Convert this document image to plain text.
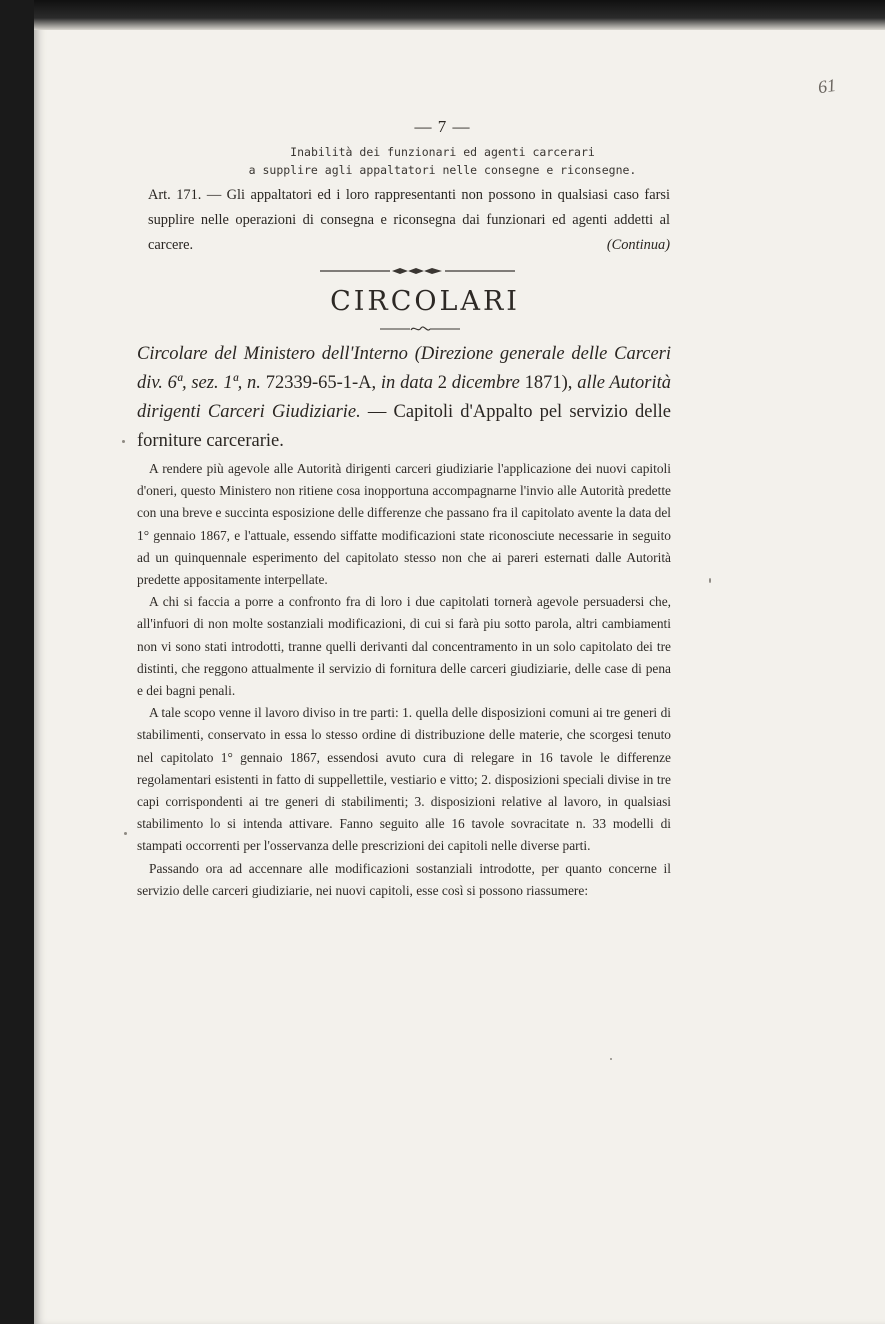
61
— 7 —
Inabilità dei funzionari ed agenti carcerari
a supplire agli appaltatori nelle consegne e riconsegne.

Art. 171. — Gli appaltatori ed i loro rappresentanti non possono in qualsiasi caso farsi supplire nelle operazioni di consegna e riconsegna dai funzionari ed agenti addetti al carcere.	(Continua)

CIRCOLARI
Circolare del Ministero dell'Interno (Direzione generale delle Carceri div. 6ª, sez. 1ª, n. 72339-65-1-A, in data 2 dicembre 1871), alle Autorità dirigenti Carceri Giudiziarie. — Capitoli d'Appalto pel servizio delle forniture carcerarie.

A rendere più agevole alle Autorità dirigenti carceri giudiziarie l'applicazione dei nuovi capitoli d'oneri, questo Ministero non ritiene cosa inopportuna accompagnarne l'invio alle Autorità predette con una breve e succinta esposizione delle differenze che passano fra il capitolato avente la data del 1° gennaio 1867, e l'attuale, essendo siffatte modificazioni state riconosciute necessarie in seguito ad un quinquennale esperimento del capitolato stesso non che ai pareri esternati dalle Autorità predette appositamente interpellate.

A chi si faccia a porre a confronto fra di loro i due capitolati tornerà agevole persuadersi che, all'infuori di non molte sostanziali modificazioni, di cui si farà piu sotto parola, altri cambiamenti non vi sono stati introdotti, tranne quelli derivanti dal concentramento in un solo capitolato dei tre distinti, che reggono attualmente il servizio di fornitura delle carceri giudiziarie, delle case di pena e dei bagni penali.

A tale scopo venne il lavoro diviso in tre parti: 1. quella delle disposizioni comuni ai tre generi di stabilimenti, conservato in essa lo stesso ordine di distribuzione delle materie, che scorgesi tenuto nel capitolato 1° gennaio 1867, essendosi avuto cura di relegare in 16 tavole le differenze regolamentari esistenti in fatto di suppellettile, vestiario e vitto; 2. disposizioni speciali divise in tre capi corrispondenti ai tre generi di stabilimenti; 3. disposizioni relative al lavoro, in qualsiasi stabilimento lo si intenda attivare. Fanno seguito alle 16 tavole sovracitate n. 33 modelli di stampati occorrenti per l'osservanza delle prescrizioni dei capitoli nelle diverse parti.

Passando ora ad accennare alle modificazioni sostanziali introdotte, per quanto concerne il servizio delle carceri giudiziarie, nei nuovi capitoli, esse così si possono riassumere:
